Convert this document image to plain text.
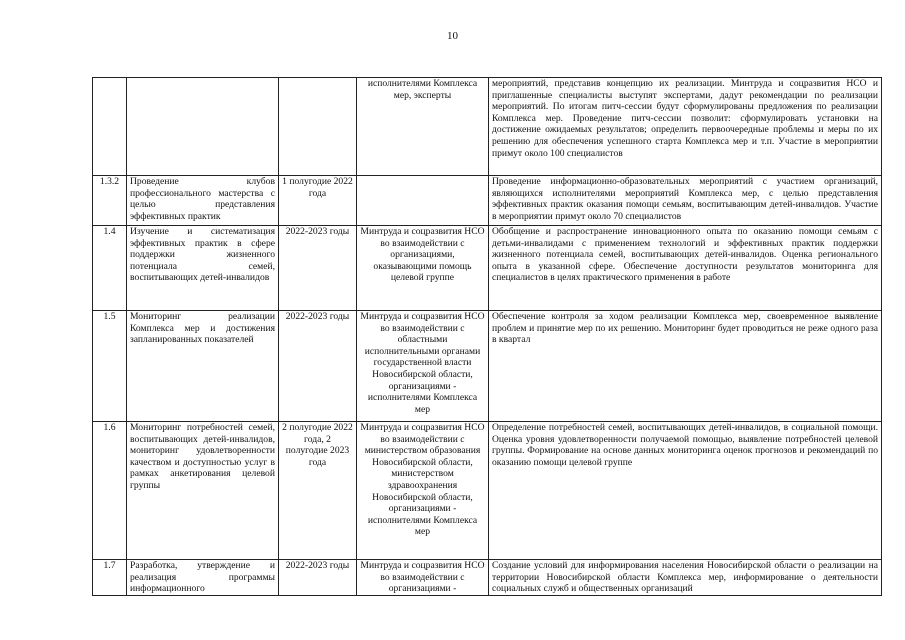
10
			исполнителями Комплекса мер, эксперты	мероприятий, представив концепцию их реализации. Минтруда и соцразвития НСО и приглашенные специалисты выступят экспертами, дадут рекомендации по реализации мероприятий. По итогам питч-сессии будут сформулированы предложения по реализации Комплекса мер. Проведение питч-сессии позволит: сформулировать установки на достижение ожидаемых результатов; определить первоочередные проблемы и меры по их решению для обеспечения успешного старта Комплекса мер и т.п. Участие в мероприятии примут около 100 специалистов
1.3.2	Проведение клубов профессионального мастерства с целью представления эффективных практик	1 полугодие 2022 года		Проведение информационно-образовательных мероприятий с участием организаций, являющихся исполнителями мероприятий Комплекса мер, с целью представления эффективных практик оказания помощи семьям, воспитывающим детей-инвалидов. Участие в мероприятии примут около 70 специалистов
1.4	Изучение и систематизация эффективных практик в сфере поддержки жизненного потенциала семей, воспитывающих детей-инвалидов	2022-2023 годы	Минтруда и соцразвития НСО во взаимодействии с организациями, оказывающими помощь целевой группе	Обобщение и распространение инновационного опыта по оказанию помощи семьям с детьми-инвалидами с применением технологий и эффективных практик поддержки жизненного потенциала семей, воспитывающих детей-инвалидов. Оценка регионального опыта в указанной сфере. Обеспечение доступности результатов мониторинга для специалистов в целях практического применения в работе
1.5	Мониторинг реализации Комплекса мер и достижения запланированных показателей	2022-2023 годы	Минтруда и соцразвития НСО во взаимодействии с областными исполнительными органами государственной власти Новосибирской области, организациями - исполнителями Комплекса мер	Обеспечение контроля за ходом реализации Комплекса мер, своевременное выявление проблем и принятие мер по их решению. Мониторинг будет проводиться не реже одного раза в квартал
1.6	Мониторинг потребностей семей, воспитывающих детей-инвалидов, мониторинг удовлетворенности качеством и доступностью услуг в рамках анкетирования целевой группы	2 полугодие 2022 года, 2 полугодие 2023 года	Минтруда и соцразвития НСО во взаимодействии с министерством образования Новосибирской области, министерством здравоохранения Новосибирской области, организациями - исполнителями Комплекса мер	Определение потребностей семей, воспитывающих детей-инвалидов, в социальной помощи. Оценка уровня удовлетворенности получаемой помощью, выявление потребностей целевой группы. Формирование на основе данных мониторинга оценок прогнозов и рекомендаций по оказанию помощи целевой группе
1.7	Разработка, утверждение и реализация программы информационного	2022-2023 годы	Минтруда и соцразвития НСО во взаимодействии с организациями -	Создание условий для информирования населения Новосибирской области о реализации на территории Новосибирской области Комплекса мер, информирование о деятельности социальных служб и общественных организаций
